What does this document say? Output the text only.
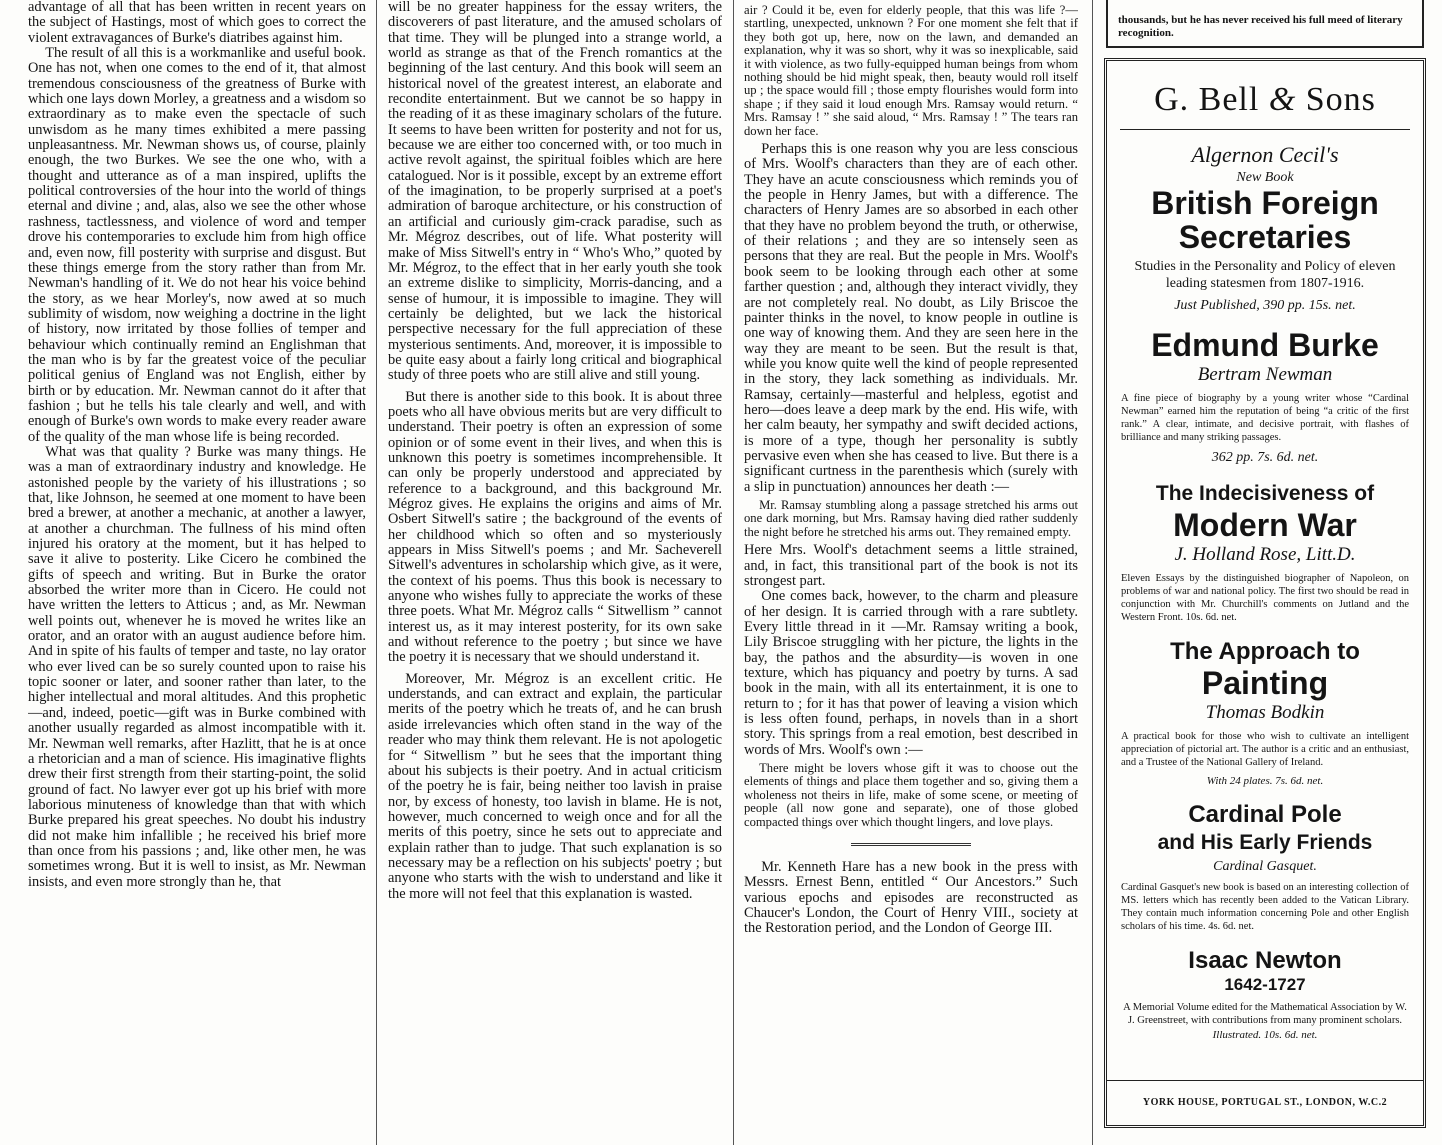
advantage of all that has been written in recent years on the subject of Hastings, most of which goes to correct the violent extravagances of Burke's diatribes against him.

The result of all this is a workmanlike and useful book. One has not, when one comes to the end of it, that almost tremendous consciousness of the greatness of Burke with which one lays down Morley, a greatness and a wisdom so extraordinary as to make even the spectacle of such unwisdom as he many times exhibited a mere passing unpleasantness. Mr. Newman shows us, of course, plainly enough, the two Burkes. We see the one who, with a thought and utterance as of a man inspired, uplifts the political controversies of the hour into the world of things eternal and divine ; and, alas, also we see the other whose rashness, tactlessness, and violence of word and temper drove his contemporaries to exclude him from high office and, even now, fill posterity with surprise and disgust. But these things emerge from the story rather than from Mr. Newman's handling of it. We do not hear his voice behind the story, as we hear Morley's, now awed at so much sublimity of wisdom, now weighing a doctrine in the light of history, now irritated by those follies of temper and behaviour which continually remind an Englishman that the man who is by far the greatest voice of the peculiar political genius of England was not English, either by birth or by education. Mr. Newman cannot do it after that fashion ; but he tells his tale clearly and well, and with enough of Burke's own words to make every reader aware of the quality of the man whose life is being recorded.

What was that quality ? Burke was many things. He was a man of extraordinary industry and knowledge. He astonished people by the variety of his illustrations ; so that, like Johnson, he seemed at one moment to have been bred a brewer, at another a mechanic, at another a lawyer, at another a churchman. The fullness of his mind often injured his oratory at the moment, but it has helped to save it alive to posterity. Like Cicero he combined the gifts of speech and writing. But in Burke the orator absorbed the writer more than in Cicero. He could not have written the letters to Atticus ; and, as Mr. Newman well points out, whenever he is moved he writes like an orator, and an orator with an august audience before him. And in spite of his faults of temper and taste, no lay orator who ever lived can be so surely counted upon to raise his topic sooner or later, and sooner rather than later, to the higher intellectual and moral altitudes. And this prophetic—and, indeed, poetic—gift was in Burke combined with another usually regarded as almost incompatible with it. Mr. Newman well remarks, after Hazlitt, that he is at once a rhetorician and a man of science. His imaginative flights drew their first strength from their starting-point, the solid ground of fact. No lawyer ever got up his brief with more laborious minuteness of knowledge than that with which Burke prepared his great speeches. No doubt his industry did not make him infallible ; he received his brief more than once from his passions ; and, like other men, he was sometimes wrong. But it is well to insist, as Mr. Newman insists, and even more strongly than he, that

will be no greater happiness for the essay writers, the discoverers of past literature, and the amused scholars of that time. They will be plunged into a strange world, a world as strange as that of the French romantics at the beginning of the last century. And this book will seem an historical novel of the greatest interest, an elaborate and recondite entertainment. But we cannot be so happy in the reading of it as these imaginary scholars of the future. It seems to have been written for posterity and not for us, because we are either too concerned with, or too much in active revolt against, the spiritual foibles which are here catalogued. Nor is it possible, except by an extreme effort of the imagination, to be properly surprised at a poet's admiration of baroque architecture, or his construction of an artificial and curiously gim-crack paradise, such as Mr. Mégroz describes, out of life. What posterity will make of Miss Sitwell's entry in “ Who's Who,” quoted by Mr. Mégroz, to the effect that in her early youth she took an extreme dislike to simplicity, Morris-dancing, and a sense of humour, it is impossible to imagine. They will certainly be delighted, but we lack the historical perspective necessary for the full appreciation of these mysterious sentiments. And, moreover, it is impossible to be quite easy about a fairly long critical and biographical study of three poets who are still alive and still young.

But there is another side to this book. It is about three poets who all have obvious merits but are very difficult to understand. Their poetry is often an expression of some opinion or of some event in their lives, and when this is unknown this poetry is sometimes incomprehensible. It can only be properly understood and appreciated by reference to a background, and this background Mr. Mégroz gives. He explains the origins and aims of Mr. Osbert Sitwell's satire ; the background of the events of her childhood which so often and so mysteriously appears in Miss Sitwell's poems ; and Mr. Sacheverell Sitwell's adventures in scholarship which give, as it were, the context of his poems. Thus this book is necessary to anyone who wishes fully to appreciate the works of these three poets. What Mr. Mégroz calls “ Sitwellism ” cannot interest us, as it may interest posterity, for its own sake and without reference to the poetry ; but since we have the poetry it is necessary that we should understand it.

Moreover, Mr. Mégroz is an excellent critic. He understands, and can extract and explain, the particular merits of the poetry which he treats of, and he can brush aside irrelevancies which often stand in the way of the reader who may think them relevant. He is not apologetic for “ Sitwellism ” but he sees that the important thing about his subjects is their poetry. And in actual criticism of the poetry he is fair, being neither too lavish in praise nor, by excess of honesty, too lavish in blame. He is not, however, much concerned to weigh once and for all the merits of this poetry, since he sets out to appreciate and explain rather than to judge. That such explanation is so necessary may be a reflection on his subjects' poetry ; but anyone who starts with the wish to understand and like it the more will not feel that this explanation is wasted.

air ? Could it be, even for elderly people, that this was life ?—startling, unexpected, unknown ? For one moment she felt that if they both got up, here, now on the lawn, and demanded an explanation, why it was so short, why it was so inexplicable, said it with violence, as two fully-equipped human beings from whom nothing should be hid might speak, then, beauty would roll itself up ; the space would fill ; those empty flourishes would form into shape ; if they said it loud enough Mrs. Ramsay would return. “ Mrs. Ramsay ! ” she said aloud, “ Mrs. Ramsay ! ” The tears ran down her face.

Perhaps this is one reason why you are less conscious of Mrs. Woolf's characters than they are of each other. They have an acute consciousness which reminds you of the people in Henry James, but with a difference. The characters of Henry James are so absorbed in each other that they have no problem beyond the truth, or otherwise, of their relations ; and they are so intensely seen as persons that they are real. But the people in Mrs. Woolf's book seem to be looking through each other at some farther question ; and, although they interact vividly, they are not completely real. No doubt, as Lily Briscoe the painter thinks in the novel, to know people in outline is one way of knowing them. And they are seen here in the way they are meant to be seen. But the result is that, while you know quite well the kind of people represented in the story, they lack something as individuals. Mr. Ramsay, certainly—masterful and helpless, egotist and hero—does leave a deep mark by the end. His wife, with her calm beauty, her sympathy and swift decided actions, is more of a type, though her personality is subtly pervasive even when she has ceased to live. But there is a significant curtness in the parenthesis which (surely with a slip in punctuation) announces her death :—

Mr. Ramsay stumbling along a passage stretched his arms out one dark morning, but Mrs. Ramsay having died rather suddenly the night before he stretched his arms out. They remained empty.

Here Mrs. Woolf's detachment seems a little strained, and, in fact, this transitional part of the book is not its strongest part.

One comes back, however, to the charm and pleasure of her design. It is carried through with a rare subtlety. Every little thread in it —Mr. Ramsay writing a book, Lily Briscoe struggling with her picture, the lights in the bay, the pathos and the absurdity—is woven in one texture, which has piquancy and poetry by turns. A sad book in the main, with all its entertainment, it is one to return to ; for it has that power of leaving a vision which is less often found, perhaps, in novels than in a short story. This springs from a real emotion, best described in words of Mrs. Woolf's own :—

There might be lovers whose gift it was to choose out the elements of things and place them together and so, giving them a wholeness not theirs in life, make of some scene, or meeting of people (all now gone and separate), one of those globed compacted things over which thought lingers, and love plays.

Mr. Kenneth Hare has a new book in the press with Messrs. Ernest Benn, entitled “ Our Ancestors.” Such various epochs and episodes are reconstructed as Chaucer's London, the Court of Henry VIII., society at the Restoration period, and the London of George III.

thousands, but he has never received his full meed of literary recognition.
G. Bell & Sons
Algernon Cecil's
New Book
British Foreign
Secretaries
Studies in the Personality and Policy of eleven leading statesmen from 1807-1916.
Just Published, 390 pp. 15s. net.
Edmund Burke
Bertram Newman
A fine piece of biography by a young writer whose “Cardinal Newman” earned him the reputation of being “a critic of the first rank.” A clear, intimate, and decisive portrait, with flashes of brilliance and many striking passages.
362 pp. 7s. 6d. net.
The Indecisiveness of
Modern War
J. Holland Rose, Litt.D.
Eleven Essays by the distinguished biographer of Napoleon, on problems of war and national policy. The first two should be read in conjunction with Mr. Churchill's comments on Jutland and the Western Front. 10s. 6d. net.
The Approach to
Painting
Thomas Bodkin
A practical book for those who wish to cultivate an intelligent appreciation of pictorial art. The author is a critic and an enthusiast, and a Trustee of the National Gallery of Ireland.
With 24 plates. 7s. 6d. net.
Cardinal Pole
and His Early Friends
Cardinal Gasquet.
Cardinal Gasquet's new book is based on an interesting collection of MS. letters which has recently been added to the Vatican Library. They contain much information concerning Pole and other English scholars of his time. 4s. 6d. net.
Isaac Newton
1642-1727
A Memorial Volume edited for the Mathematical Association by W. J. Greenstreet, with contributions from many prominent scholars.
Illustrated. 10s. 6d. net.
YORK HOUSE, PORTUGAL ST., LONDON, W.C.2
